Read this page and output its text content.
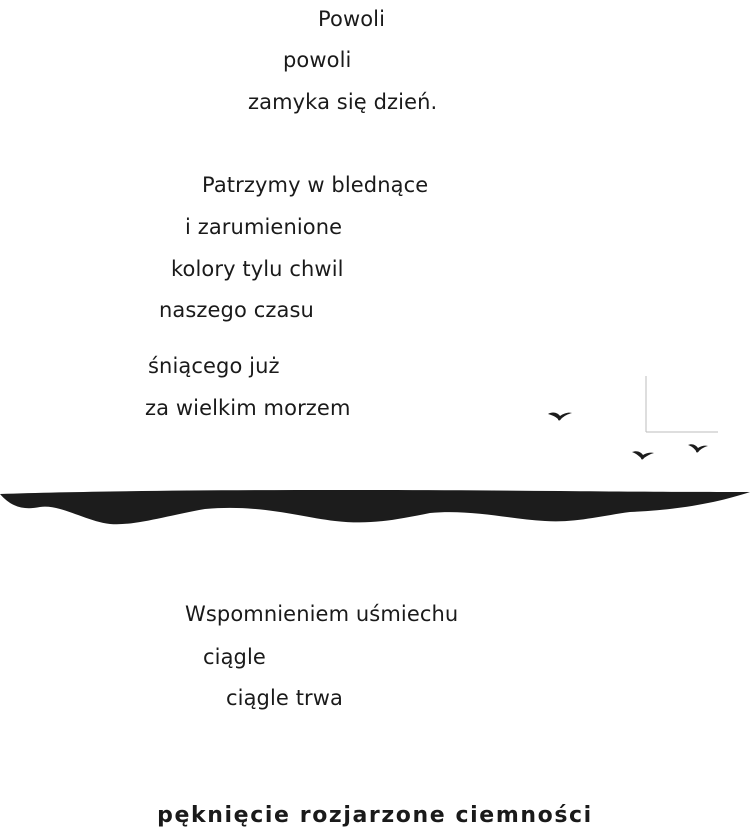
Powoli

powoli

zamyka się dzień.

Patrzymy w blednące

i zarumienione

kolory tylu chwil

naszego czasu

śniącego już

za wielkim morzem

Wspomnieniem uśmiechu

ciągle

ciągle trwa

pęknięcie rozjarzone ciemności
